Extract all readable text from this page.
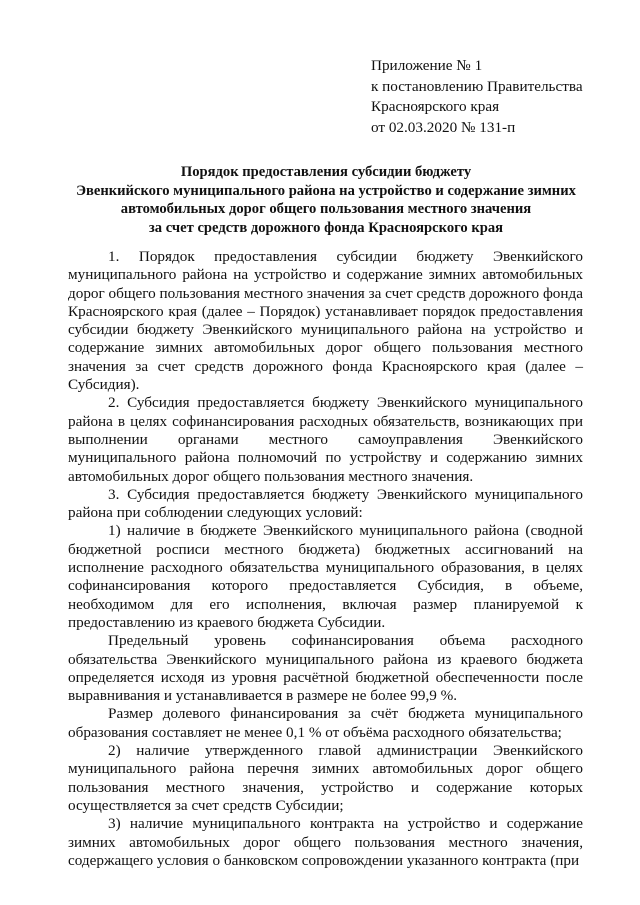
Приложение № 1
к постановлению Правительства
Красноярского края
от 02.03.2020 № 131-п
Порядок предоставления субсидии бюджету
Эвенкийского муниципального района на устройство и содержание зимних
автомобильных дорог общего пользования местного значения
за счет средств дорожного фонда Красноярского края

1. Порядок предоставления субсидии бюджету Эвенкийского муниципального района на устройство и содержание зимних автомобильных дорог общего пользования местного значения за счет средств дорожного фонда Красноярского края (далее – Порядок) устанавливает порядок предоставления субсидии бюджету Эвенкийского муниципального района на устройство и содержание зимних автомобильных дорог общего пользования местного значения за счет средств дорожного фонда Красноярского края (далее – Субсидия).

2. Субсидия предоставляется бюджету Эвенкийского муниципального района в целях софинансирования расходных обязательств, возникающих при выполнении органами местного самоуправления Эвенкийского муниципального района полномочий по устройству и содержанию зимних автомобильных дорог общего пользования местного значения.

3. Субсидия предоставляется бюджету Эвенкийского муниципального района при соблюдении следующих условий:

1) наличие в бюджете Эвенкийского муниципального района (сводной бюджетной росписи местного бюджета) бюджетных ассигнований на исполнение расходного обязательства муниципального образования, в целях софинансирования которого предоставляется Субсидия, в объеме, необходимом для его исполнения, включая размер планируемой к предоставлению из краевого бюджета Субсидии.

Предельный уровень софинансирования объема расходного обязательства Эвенкийского муниципального района из краевого бюджета определяется исходя из уровня расчётной бюджетной обеспеченности после выравнивания и устанавливается в размере не более 99,9 %.

Размер долевого финансирования за счёт бюджета муниципального образования составляет не менее 0,1 % от объёма расходного обязательства;

2) наличие утвержденного главой администрации Эвенкийского муниципального района перечня зимних автомобильных дорог общего пользования местного значения, устройство и содержание которых осуществляется за счет средств Субсидии;

3) наличие муниципального контракта на устройство и содержание зимних автомобильных дорог общего пользования местного значения, содержащего условия о банковском сопровождении указанного контракта (при
